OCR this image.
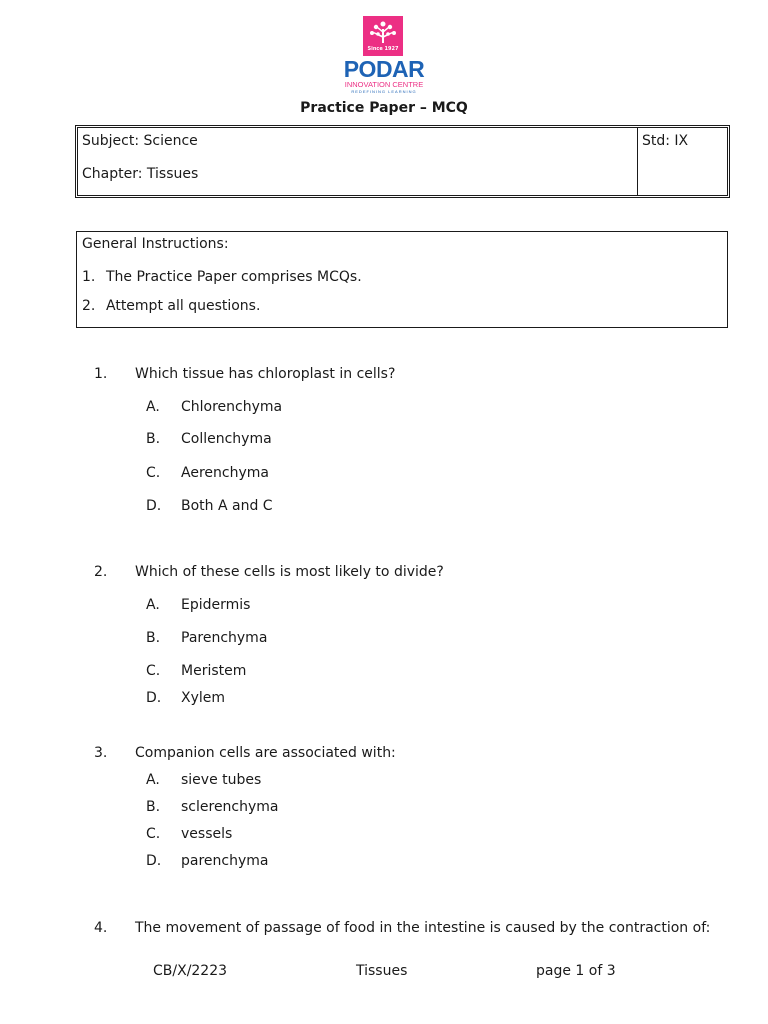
Since 1927
PODAR
INNOVATION CENTRE
REDEFINING LEARNING
Practice Paper – MCQ
Subject: Science
Chapter: Tissues
Std: IX
General Instructions:
1. The Practice Paper comprises MCQs.
2. Attempt all questions.
1. Which tissue has chloroplast in cells?
A. Chlorenchyma
B. Collenchyma
C. Aerenchyma
D. Both A and C
2. Which of these cells is most likely to divide?
A. Epidermis
B. Parenchyma
C. Meristem
D. Xylem
3. Companion cells are associated with:
A. sieve tubes
B. sclerenchyma
C. vessels
D. parenchyma
4. The movement of passage of food in the intestine is caused by the contraction of:
CB/X/2223	Tissues	page 1 of 3
